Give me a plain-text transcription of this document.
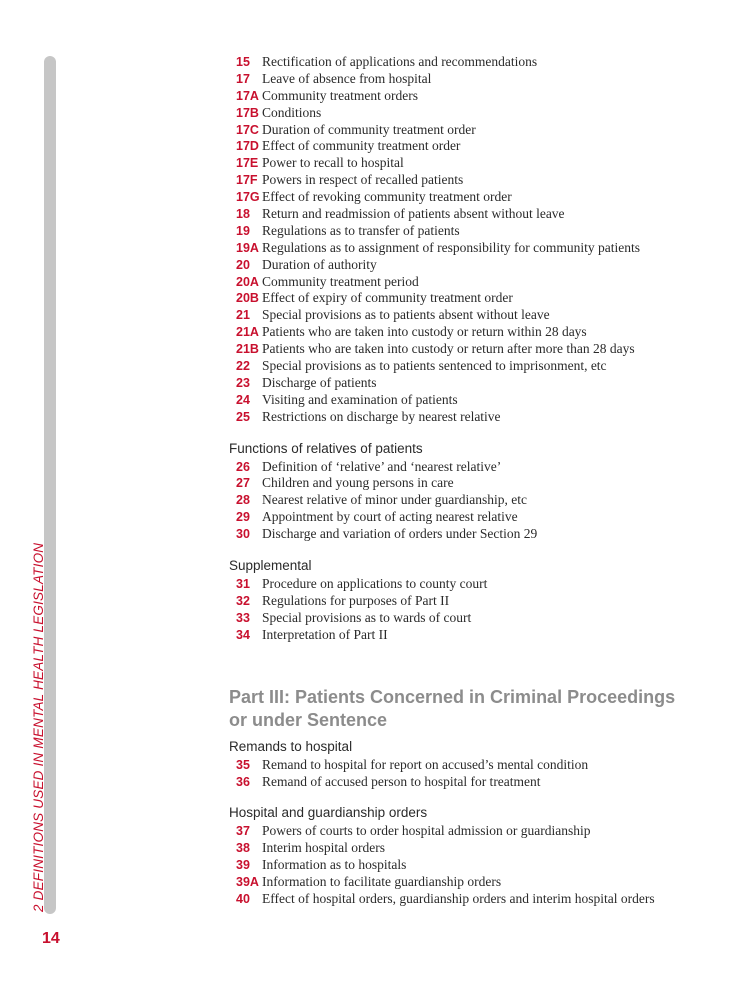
2 DEFINITIONS USED IN MENTAL HEALTH LEGISLATION
14
15 Rectification of applications and recommendations
17 Leave of absence from hospital
17A Community treatment orders
17B Conditions
17C Duration of community treatment order
17D Effect of community treatment order
17E Power to recall to hospital
17F Powers in respect of recalled patients
17G Effect of revoking community treatment order
18 Return and readmission of patients absent without leave
19 Regulations as to transfer of patients
19A Regulations as to assignment of responsibility for community patients
20 Duration of authority
20A Community treatment period
20B Effect of expiry of community treatment order
21 Special provisions as to patients absent without leave
21A Patients who are taken into custody or return within 28 days
21B Patients who are taken into custody or return after more than 28 days
22 Special provisions as to patients sentenced to imprisonment, etc
23 Discharge of patients
24 Visiting and examination of patients
25 Restrictions on discharge by nearest relative
Functions of relatives of patients
26 Definition of ‘relative’ and ‘nearest relative’
27 Children and young persons in care
28 Nearest relative of minor under guardianship, etc
29 Appointment by court of acting nearest relative
30 Discharge and variation of orders under Section 29
Supplemental
31 Procedure on applications to county court
32 Regulations for purposes of Part II
33 Special provisions as to wards of court
34 Interpretation of Part II
Part III: Patients Concerned in Criminal Proceedings
or under Sentence
Remands to hospital
35 Remand to hospital for report on accused’s mental condition
36 Remand of accused person to hospital for treatment
Hospital and guardianship orders
37 Powers of courts to order hospital admission or guardianship
38 Interim hospital orders
39 Information as to hospitals
39A Information to facilitate guardianship orders
40 Effect of hospital orders, guardianship orders and interim hospital orders
